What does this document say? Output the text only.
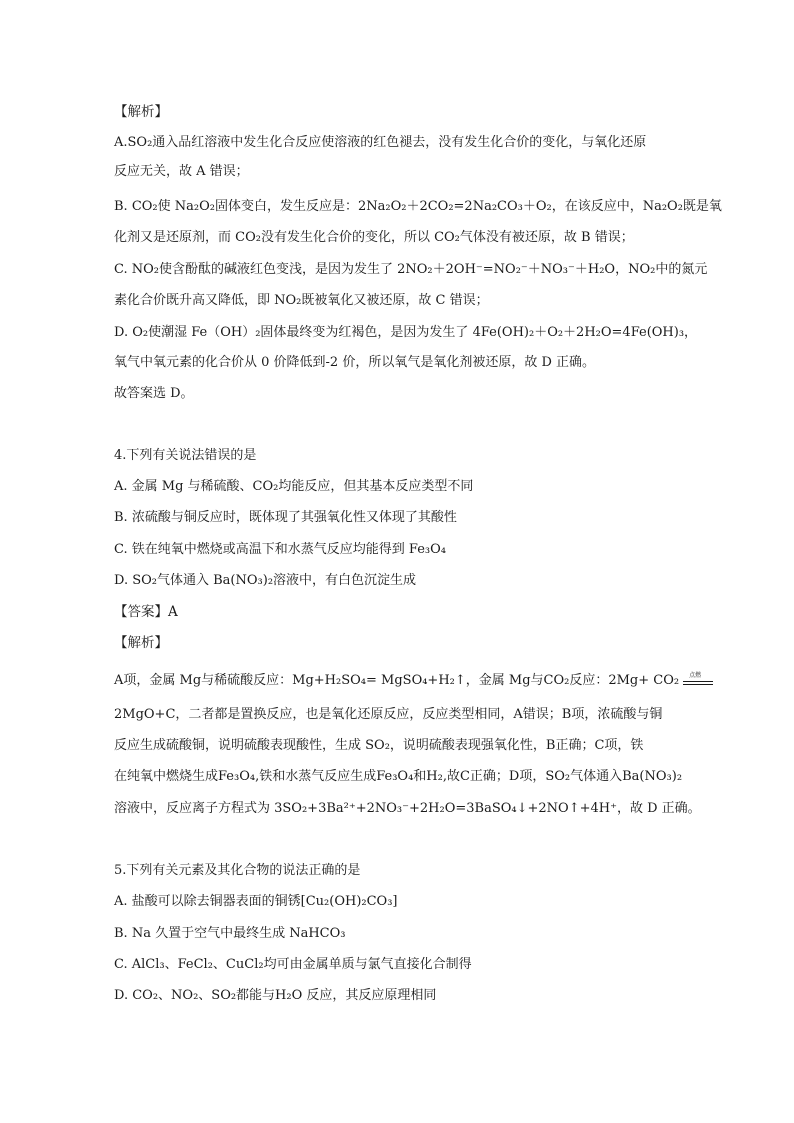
【解析】
A.SO₂通入品红溶液中发生化合反应使溶液的红色褪去，没有发生化合价的变化，与氧化还原
反应无关，故 A 错误；
B. CO₂使 Na₂O₂固体变白，发生反应是：2Na₂O₂＋2CO₂=2Na₂CO₃＋O₂，在该反应中，Na₂O₂既是氧
化剂又是还原剂，而 CO₂没有发生化合价的变化，所以 CO₂气体没有被还原，故 B 错误；
C. NO₂使含酚酞的碱液红色变浅，是因为发生了 2NO₂＋2OH⁻=NO₂⁻＋NO₃⁻＋H₂O，NO₂中的氮元
素化合价既升高又降低，即 NO₂既被氧化又被还原，故 C 错误；
D. O₂使潮湿 Fe（OH）₂固体最终变为红褐色，是因为发生了 4Fe(OH)₂＋O₂＋2H₂O=4Fe(OH)₃，
氧气中氧元素的化合价从 0 价降低到-2 价，所以氧气是氧化剂被还原，故 D 正确。
故答案选 D。
4.下列有关说法错误的是
A. 金属 Mg 与稀硫酸、CO₂均能反应，但其基本反应类型不同
B. 浓硫酸与铜反应时，既体现了其强氧化性又体现了其酸性
C. 铁在纯氧中燃烧或高温下和水蒸气反应均能得到 Fe₃O₄
D. SO₂气体通入 Ba(NO₃)₂溶液中，有白色沉淀生成
【答案】A
【解析】
A项，金属 Mg与稀硫酸反应：Mg+H₂SO₄= MgSO₄+H₂↑，金属 Mg与CO₂反应：2Mg+ CO₂ 点燃
2MgO+C，二者都是置换反应，也是氧化还原反应，反应类型相同，A错误；B项，浓硫酸与铜
反应生成硫酸铜，说明硫酸表现酸性，生成 SO₂，说明硫酸表现强氧化性，B正确；C项，铁
在纯氧中燃烧生成Fe₃O₄,铁和水蒸气反应生成Fe₃O₄和H₂,故C正确；D项，SO₂气体通入Ba(NO₃)₂
溶液中，反应离子方程式为 3SO₂+3Ba²⁺+2NO₃⁻+2H₂O=3BaSO₄↓+2NO↑+4H⁺，故 D 正确。
5.下列有关元素及其化合物的说法正确的是
A. 盐酸可以除去铜器表面的铜锈[Cu₂(OH)₂CO₃]
B. Na 久置于空气中最终生成 NaHCO₃
C. AlCl₃、FeCl₂、CuCl₂均可由金属单质与氯气直接化合制得
D. CO₂、NO₂、SO₂都能与H₂O 反应，其反应原理相同
